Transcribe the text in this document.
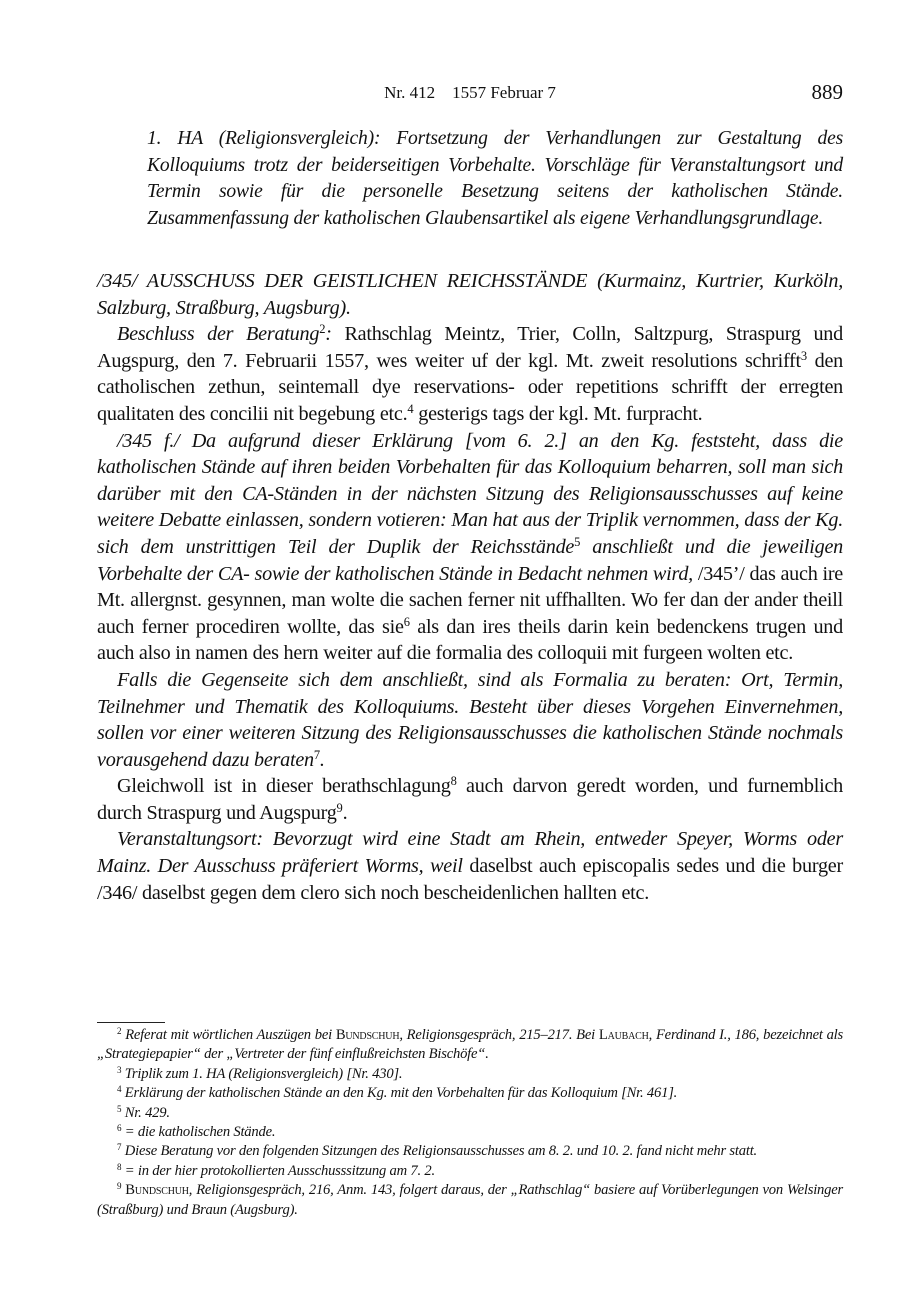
Nr. 412 1557 Februar 7	889
1. HA (Religionsvergleich): Fortsetzung der Verhandlungen zur Gestaltung des Kolloquiums trotz der beiderseitigen Vorbehalte. Vorschläge für Veranstaltungsort und Termin sowie für die personelle Besetzung seitens der katholischen Stände. Zusammenfassung der katholischen Glaubensartikel als eigene Verhandlungsgrundlage.

/345/ AUSSCHUSS DER GEISTLICHEN REICHSSTÄNDE (Kurmainz, Kurtrier, Kurköln, Salzburg, Straßburg, Augsburg).

Beschluss der Beratung$^2$: Rathschlag Meintz, Trier, Colln, Saltzpurg, Straspurg und Augspurg, den 7. Februarii 1557, wes weiter uf der kgl. Mt. zweit resolutions schrifft$^3$ den catholischen zethun, seintemall dye reservations- oder repetitions schrifft der erregten qualitaten des concilii nit begebung etc.$^4$ gesterigs tags der kgl. Mt. furpracht.

/345 f./ Da aufgrund dieser Erklärung [vom 6. 2.] an den Kg. feststeht, dass die katholischen Stände auf ihren beiden Vorbehalten für das Kolloquium beharren, soll man sich darüber mit den CA-Ständen in der nächsten Sitzung des Religionsausschusses auf keine weitere Debatte einlassen, sondern votieren: Man hat aus der Triplik vernommen, dass der Kg. sich dem unstrittigen Teil der Duplik der Reichsstände$^5$ anschließt und die jeweiligen Vorbehalte der CA- sowie der katholischen Stände in Bedacht nehmen wird, /345’/ das auch ire Mt. allergnst. gesynnen, man wolte die sachen ferner nit uffhallten. Wo fer dan der ander theill auch ferner procediren wollte, das sie$^6$ als dan ires theils darin kein bedenckens trugen und auch also in namen des hern weiter auf die formalia des colloquii mit furgeen wolten etc.

Falls die Gegenseite sich dem anschließt, sind als Formalia zu beraten: Ort, Termin, Teilnehmer und Thematik des Kolloquiums. Besteht über dieses Vorgehen Einvernehmen, sollen vor einer weiteren Sitzung des Religionsausschusses die katholischen Stände nochmals vorausgehend dazu beraten$^7$.

Gleichwoll ist in dieser berathschlagung$^8$ auch darvon geredt worden, und furnemblich durch Straspurg und Augspurg$^9$.

Veranstaltungsort: Bevorzugt wird eine Stadt am Rhein, entweder Speyer, Worms oder Mainz. Der Ausschuss präferiert Worms, weil daselbst auch episcopalis sedes und die burger /346/ daselbst gegen dem clero sich noch bescheidenlichen hallten etc.

$^2$ Referat mit wörtlichen Auszügen bei Bundschuh, Religionsgespräch, 215–217. Bei Laubach, Ferdinand I., 186, bezeichnet als „Strategiepapier“ der „Vertreter der fünf einflußreichsten Bischöfe“.

$^3$ Triplik zum 1. HA (Religionsvergleich) [Nr. 430].

$^4$ Erklärung der katholischen Stände an den Kg. mit den Vorbehalten für das Kolloquium [Nr. 461].

$^5$ Nr. 429.

$^6$ = die katholischen Stände.

$^7$ Diese Beratung vor den folgenden Sitzungen des Religionsausschusses am 8. 2. und 10. 2. fand nicht mehr statt.

$^8$ = in der hier protokollierten Ausschusssitzung am 7. 2.

$^9$ Bundschuh, Religionsgespräch, 216, Anm. 143, folgert daraus, der „Rathschlag“ basiere auf Vorüberlegungen von Welsinger (Straßburg) und Braun (Augsburg).
